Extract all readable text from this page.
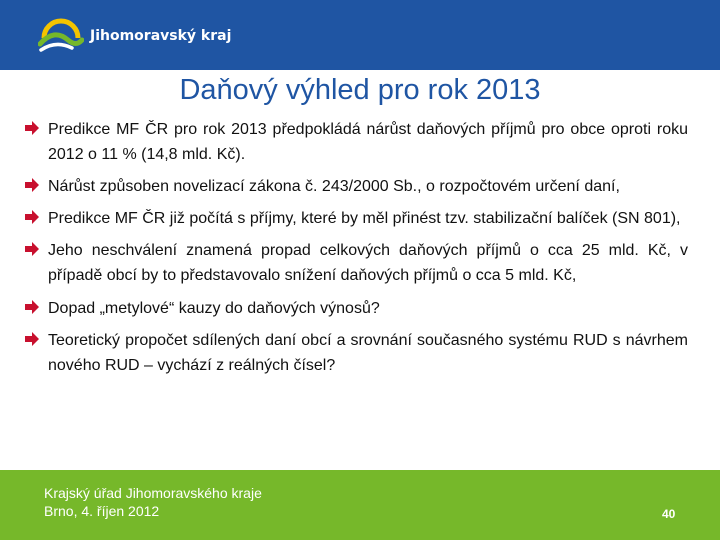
Jihomoravský kraj
Daňový výhled pro rok 2013
Predikce MF ČR pro rok 2013 předpokládá nárůst daňových příjmů pro obce oproti roku 2012 o 11 % (14,8 mld. Kč).
Nárůst způsoben novelizací zákona č. 243/2000 Sb., o rozpočtovém určení daní,
Predikce MF ČR již počítá s příjmy, které by měl přinést tzv. stabilizační balíček (SN 801),
Jeho neschválení znamená propad celkových daňových příjmů o cca 25 mld. Kč, v případě obcí by to představovalo snížení daňových příjmů o cca 5 mld. Kč,
Dopad „metylové“ kauzy do daňových výnosů?
Teoretický propočet sdílených daní obcí a srovnání současného systému RUD s návrhem nového RUD – vychází z reálných čísel?
Krajský úřad Jihomoravského kraje
Brno, 4. říjen 2012	40
